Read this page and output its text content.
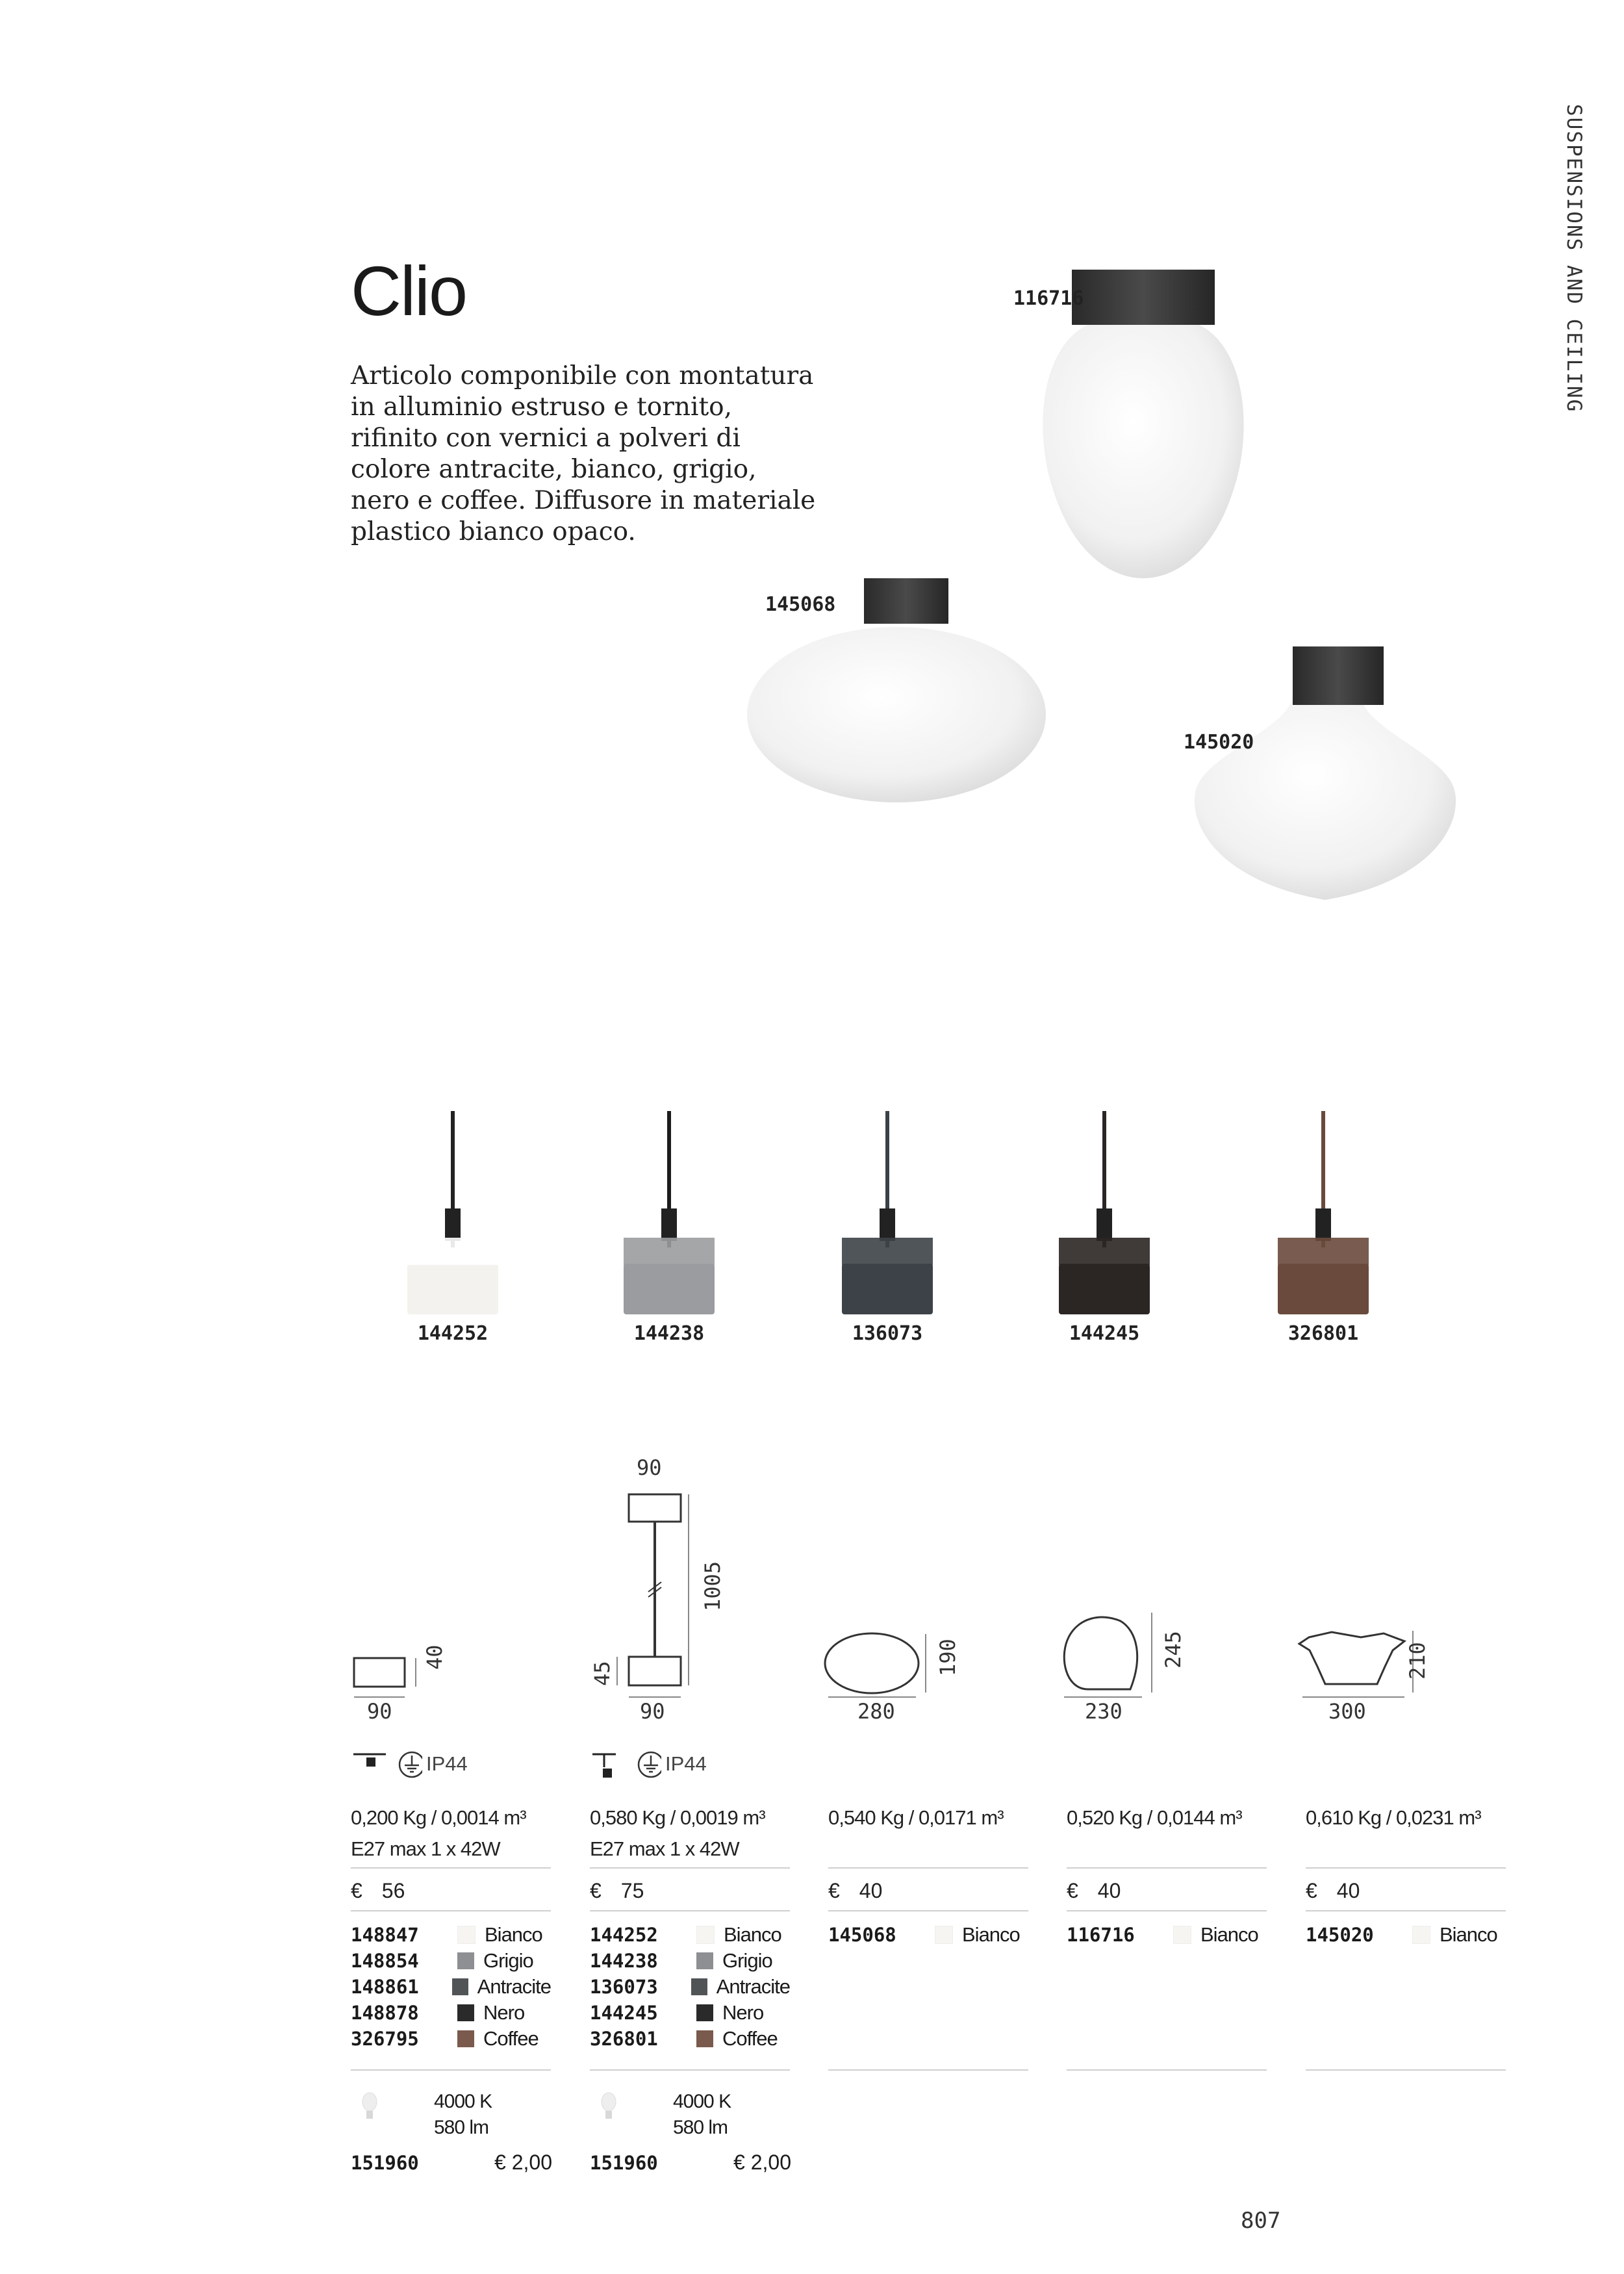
SUSPENSIONS AND CEILING
Clio
Articolo componibile con montatura in alluminio estruso e tornito, rifinito con vernici a polveri di colore antracite, bianco, grigio, nero e coffee. Diffusore in materiale plastico bianco opaco.
116716
145068
145020
144252	144238	136073	144245	326801
90
40
90
1005
45
90	280
190
230
245
300
210
IP44	IP44
0,200 Kg / 0,0014 m³
E27 max 1 x 42W
€ 56
148847	Bianco
148854	Grigio
148861	Antracite
148878	Nero
326795	Coffee
0,580 Kg / 0,0019 m³
E27 max 1 x 42W
€ 75
144252	Bianco
144238	Grigio
136073	Antracite
144245	Nero
326801	Coffee
0,540 Kg / 0,0171 m³
€ 40
145068	Bianco
0,520 Kg / 0,0144 m³
€ 40
116716	Bianco
0,610 Kg / 0,0231 m³
€ 40
145020	Bianco
4000 K
580 lm
151960	€ 2,00
4000 K
580 lm
151960	€ 2,00
807
